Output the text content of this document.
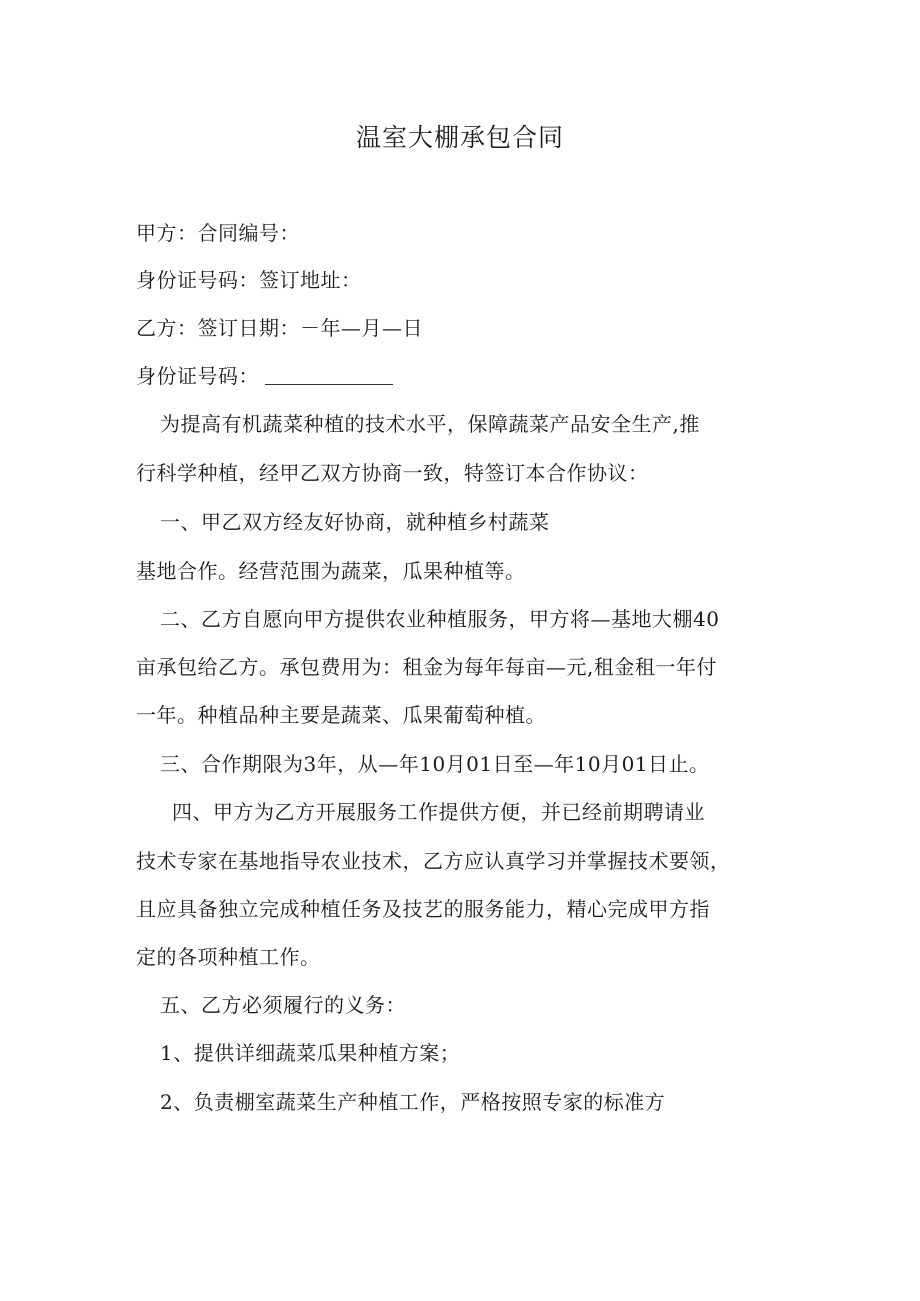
温室大棚承包合同
甲方：合同编号：
身份证号码：签订地址：
乙方：签订日期：－年—月—日
身份证号码：
为提高有机蔬菜种植的技术水平，保障蔬菜产品安全生产,推
行科学种植，经甲乙双方协商一致，特签订本合作协议：
一、甲乙双方经友好协商，就种植乡村蔬菜
基地合作。经营范围为蔬菜，瓜果种植等。
二、乙方自愿向甲方提供农业种植服务，甲方将—基地大棚40
亩承包给乙方。承包费用为：租金为每年每亩—元,租金租一年付
一年。种植品种主要是蔬菜、瓜果葡萄种植。
三、合作期限为3年，从—年10月01日至—年10月01日止。
四、甲方为乙方开展服务工作提供方便，并已经前期聘请业
技术专家在基地指导农业技术，乙方应认真学习并掌握技术要领，
且应具备独立完成种植任务及技艺的服务能力，精心完成甲方指
定的各项种植工作。
五、乙方必须履行的义务：
1、提供详细蔬菜瓜果种植方案；
2、负责棚室蔬菜生产种植工作，严格按照专家的标准方
